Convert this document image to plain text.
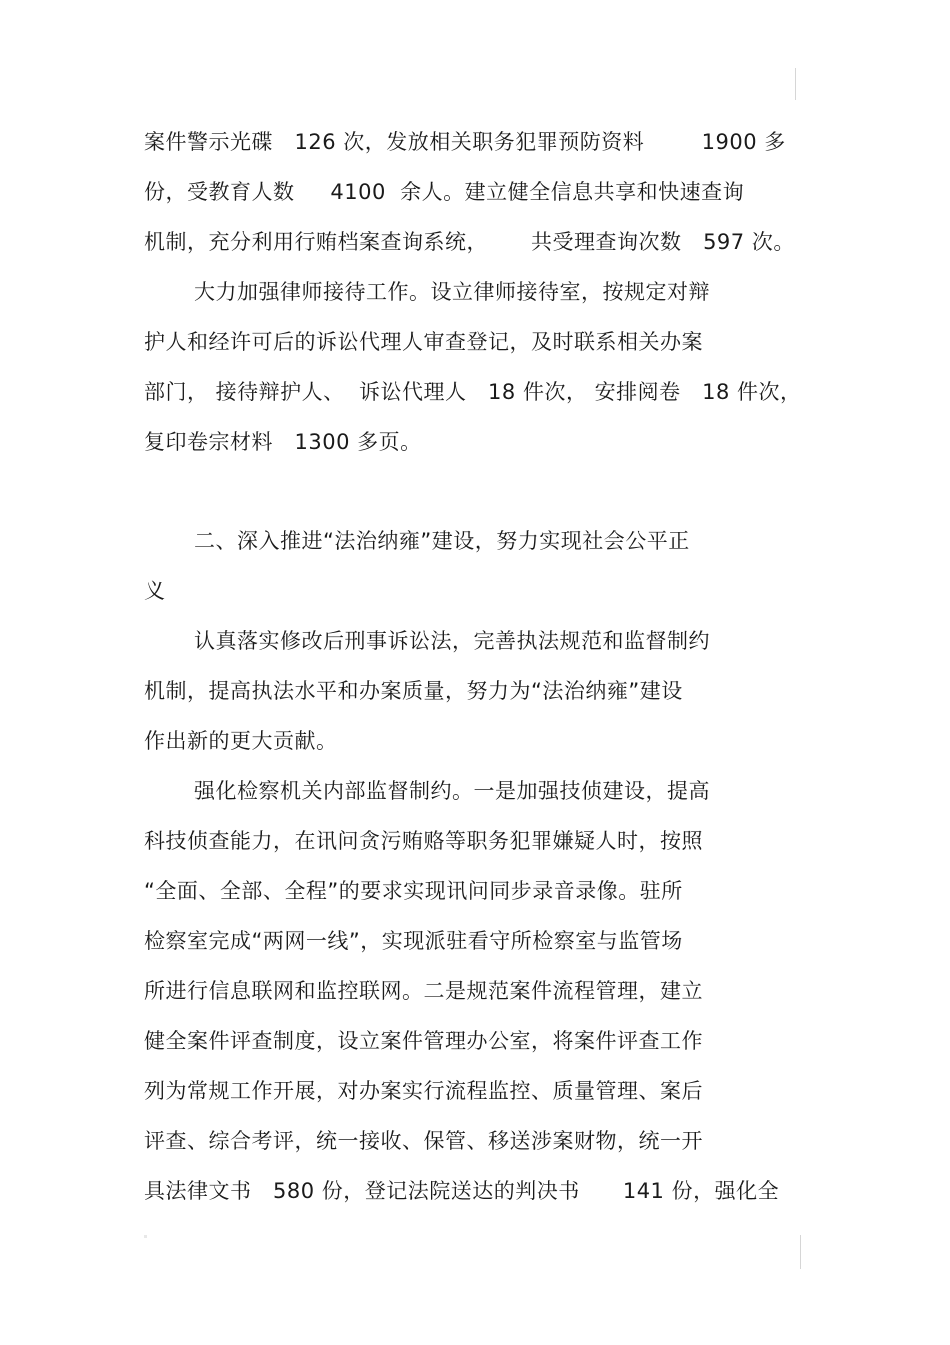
案件警示光碟   126 次，发放相关职务犯罪预防资料        1900 多
份，受教育人数     4100  余人。建立健全信息共享和快速查询
机制，充分利用行贿档案查询系统，      共受理查询次数   597 次。
大力加强律师接待工作。设立律师接待室，按规定对辩
护人和经许可后的诉讼代理人审查登记，及时联系相关办案
部门， 接待辩护人、  诉讼代理人   18 件次， 安排阅卷   18 件次，
复印卷宗材料   1300 多页。
二、深入推进“法治纳雍”建设，努力实现社会公平正
义
认真落实修改后刑事诉讼法，完善执法规范和监督制约
机制，提高执法水平和办案质量，努力为“法治纳雍”建设
作出新的更大贡献。
强化检察机关内部监督制约。一是加强技侦建设，提高
科技侦查能力，在讯问贪污贿赂等职务犯罪嫌疑人时，按照
“全面、全部、全程”的要求实现讯问同步录音录像。驻所
检察室完成“两网一线”，实现派驻看守所检察室与监管场
所进行信息联网和监控联网。二是规范案件流程管理，建立
健全案件评查制度，设立案件管理办公室，将案件评查工作
列为常规工作开展，对办案实行流程监控、质量管理、案后
评查、综合考评，统一接收、保管、移送涉案财物，统一开
具法律文书   580 份，登记法院送达的判决书      141 份，强化全
